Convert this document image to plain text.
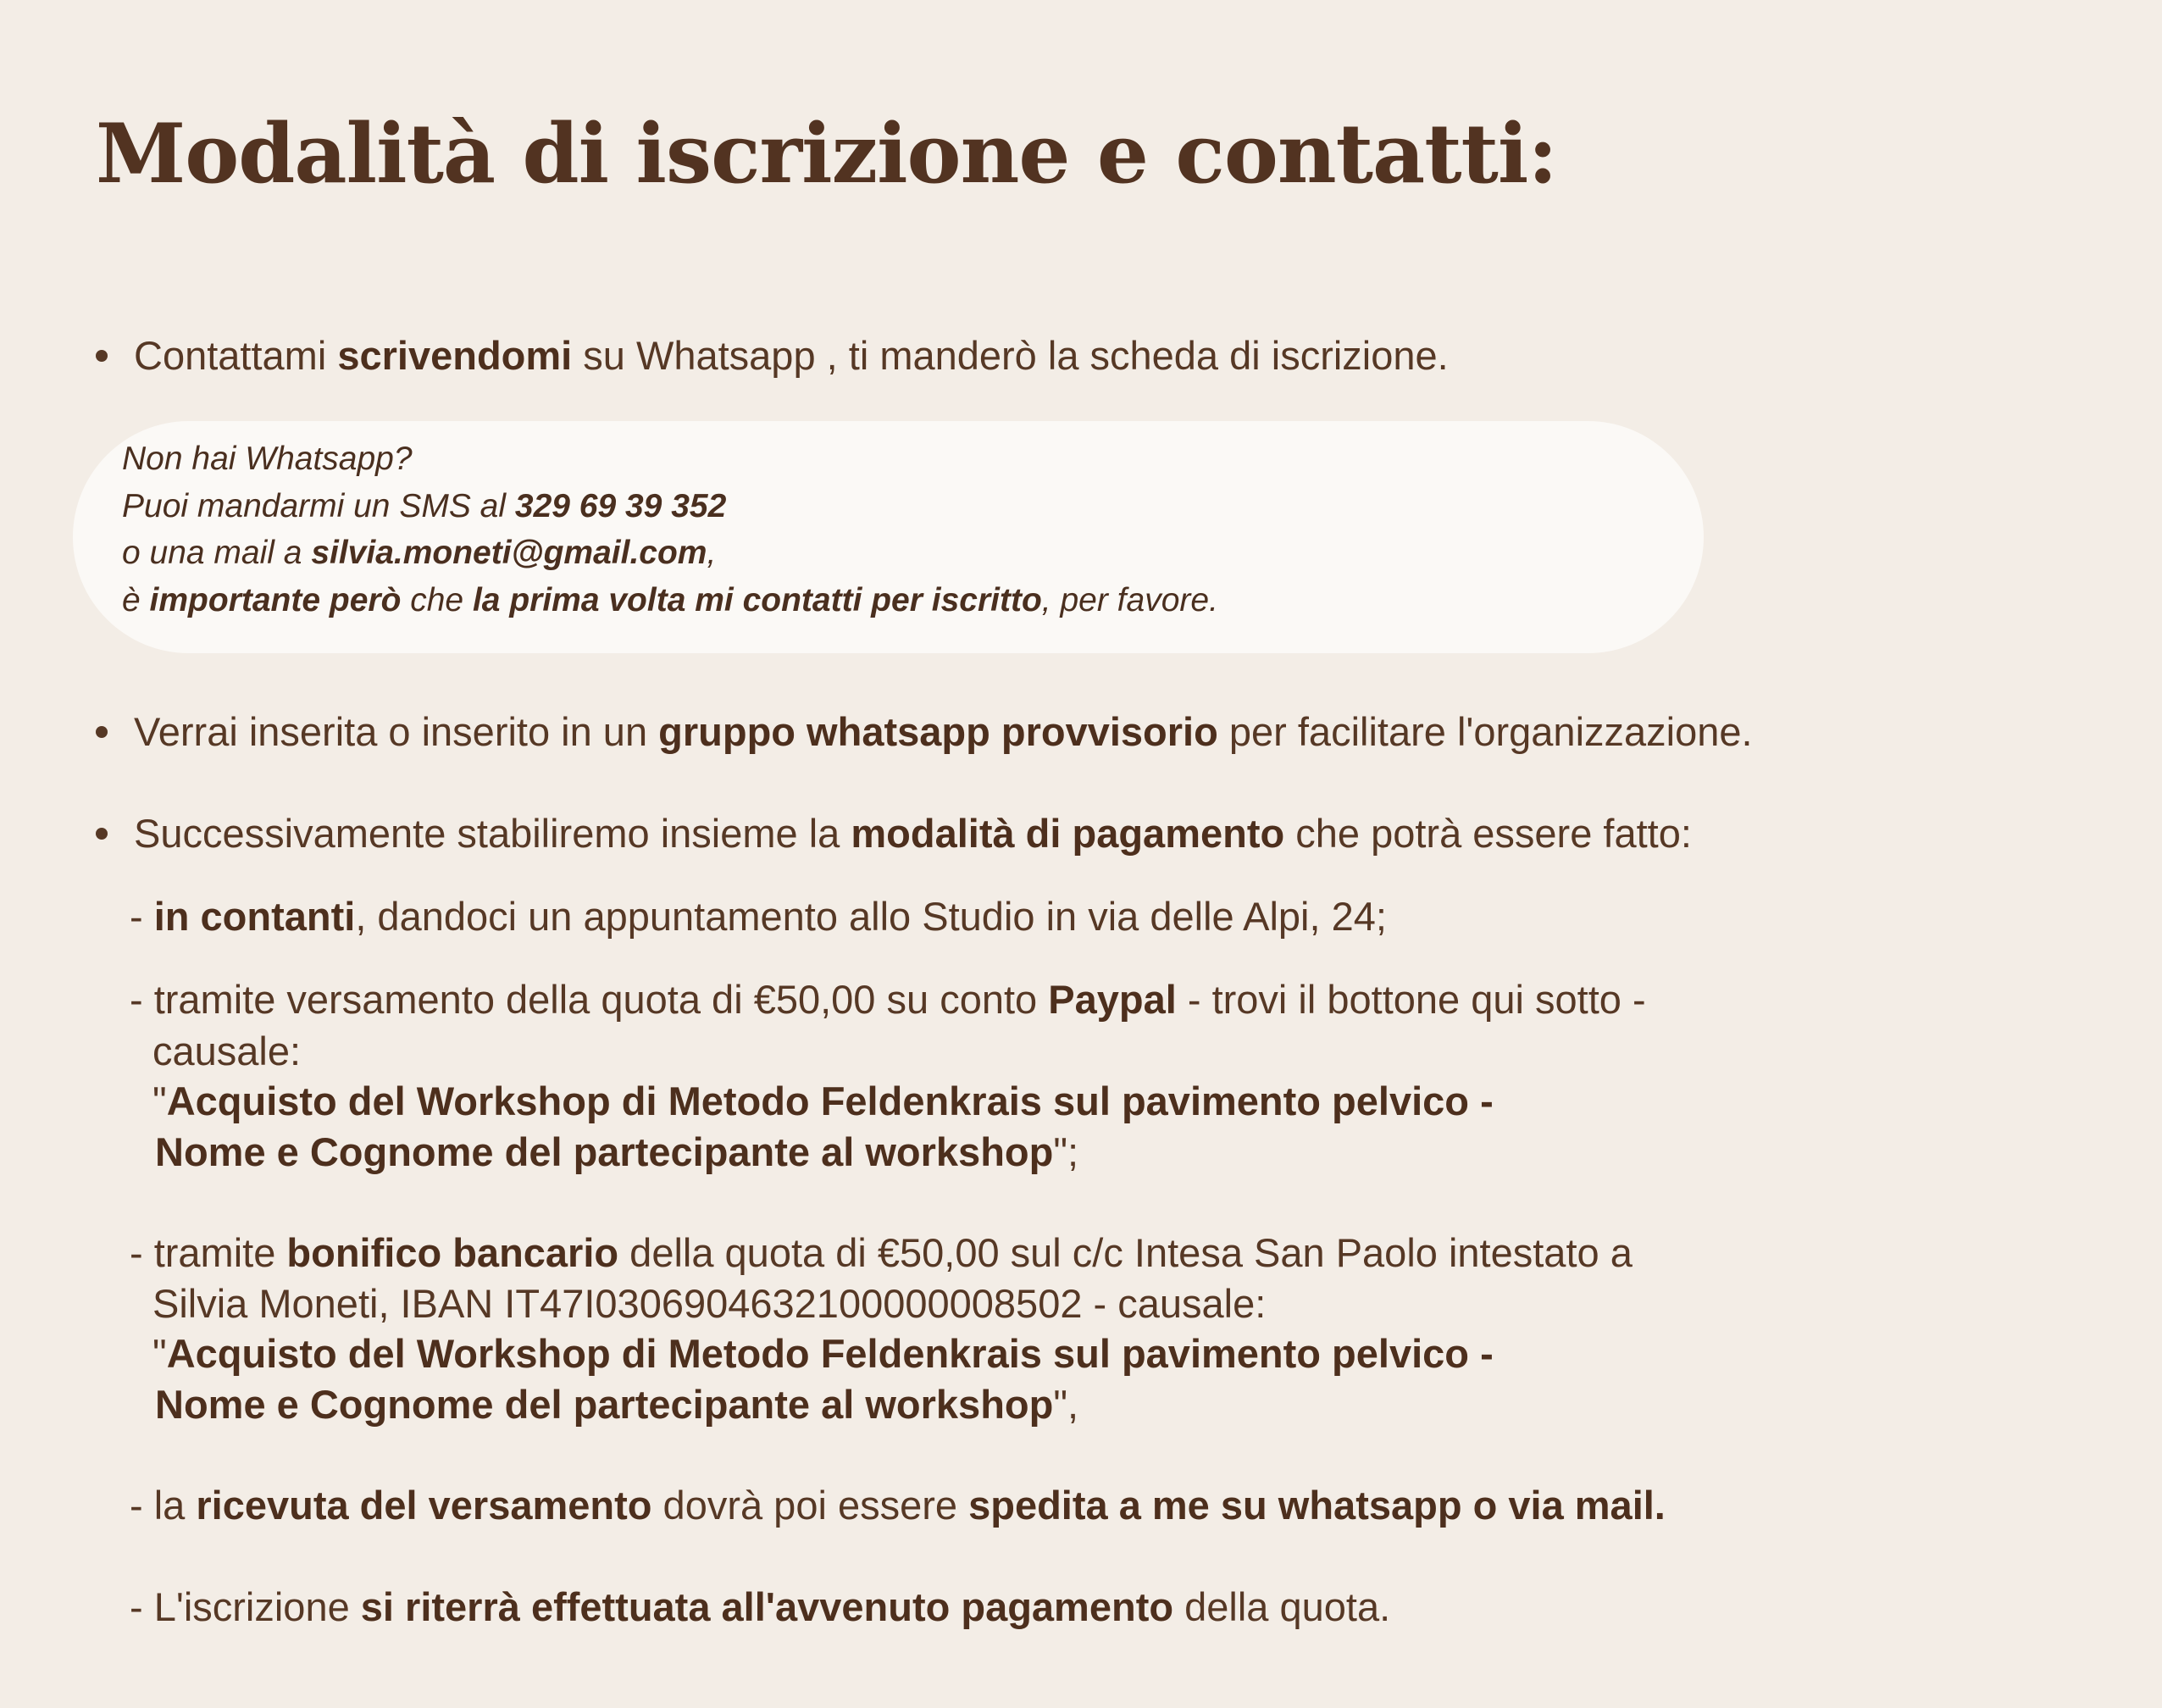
Modalità di iscrizione e contatti:
Contattami scrivendomi su Whatsapp , ti manderò la scheda di iscrizione.
Non hai Whatsapp?
Puoi mandarmi un SMS al 329 69 39 352
o una mail a silvia.moneti@gmail.com,
è importante però che la prima volta mi contatti per iscritto, per favore.
Verrai inserita o inserito in un gruppo whatsapp provvisorio per facilitare l'organizzazione.
Successivamente stabiliremo insieme la modalità di pagamento che potrà essere fatto:
- in contanti, dandoci un appuntamento allo Studio in via delle Alpi, 24;
- tramite versamento della quota di €50,00 su conto Paypal - trovi il bottone qui sotto -
causale:
"Acquisto del Workshop di Metodo Feldenkrais sul pavimento pelvico -
Nome e Cognome del partecipante al workshop";
- tramite bonifico bancario della quota di €50,00 sul c/c Intesa San Paolo intestato a
Silvia Moneti, IBAN IT47I0306904632100000008502 - causale:
"Acquisto del Workshop di Metodo Feldenkrais sul pavimento pelvico -
Nome e Cognome del partecipante al workshop",
- la ricevuta del versamento dovrà poi essere spedita a me su whatsapp o via mail.
- L'iscrizione si riterrà effettuata all'avvenuto pagamento della quota.
